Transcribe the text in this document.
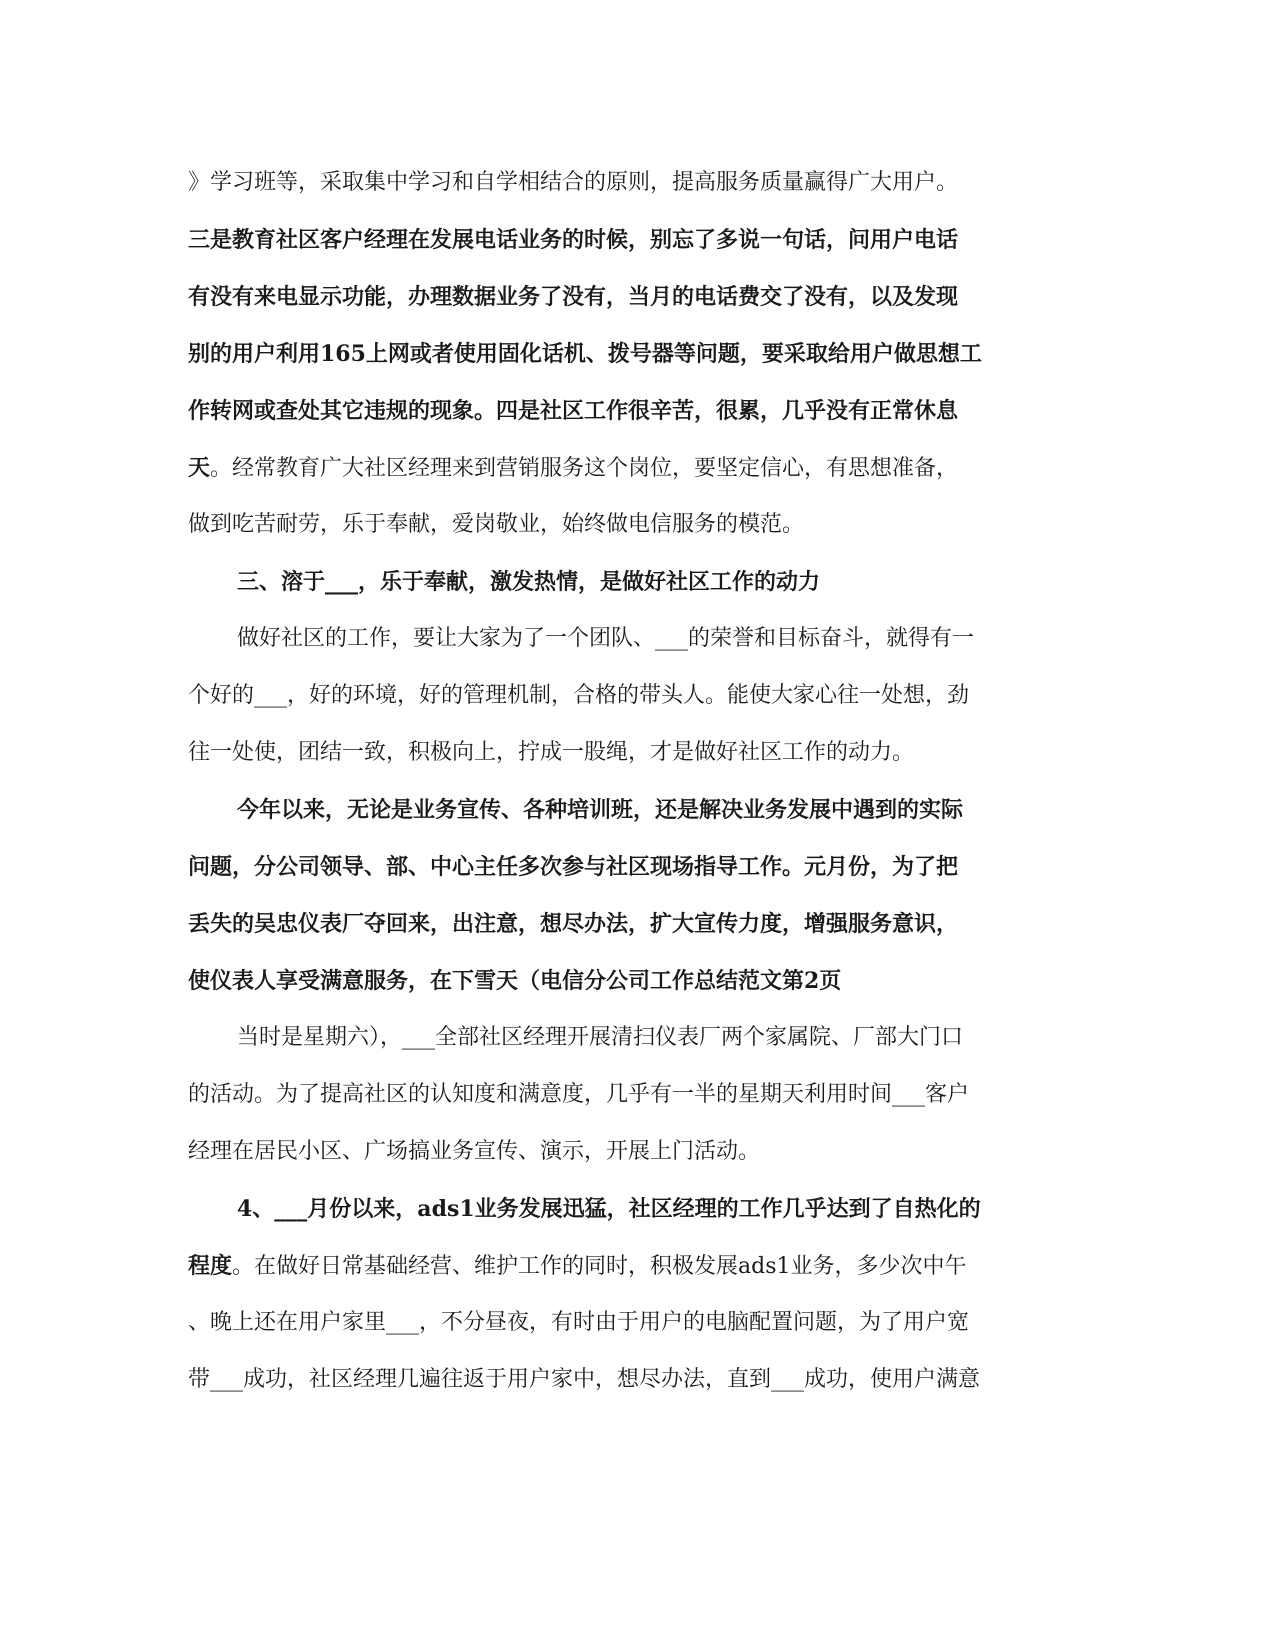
》学习班等，采取集中学习和自学相结合的原则，提高服务质量赢得广大用户。
三是教育社区客户经理在发展电话业务的时候，别忘了多说一句话，问用户电话
有没有来电显示功能，办理数据业务了没有，当月的电话费交了没有，以及发现
别的用户利用165上网或者使用固化话机、拨号器等问题，要采取给用户做思想工
作转网或查处其它违规的现象。四是社区工作很辛苦，很累，几乎没有正常休息
天。经常教育广大社区经理来到营销服务这个岗位，要坚定信心，有思想准备，
做到吃苦耐劳，乐于奉献，爱岗敬业，始终做电信服务的模范。
三、溶于___，乐于奉献，激发热情，是做好社区工作的动力
做好社区的工作，要让大家为了一个团队、___的荣誉和目标奋斗，就得有一
个好的___，好的环境，好的管理机制，合格的带头人。能使大家心往一处想，劲
往一处使，团结一致，积极向上，拧成一股绳，才是做好社区工作的动力。
今年以来，无论是业务宣传、各种培训班，还是解决业务发展中遇到的实际
问题，分公司领导、部、中心主任多次参与社区现场指导工作。元月份，为了把
丢失的吴忠仪表厂夺回来，出注意，想尽办法，扩大宣传力度，增强服务意识，
使仪表人享受满意服务，在下雪天（电信分公司工作总结范文第2页
当时是星期六），___全部社区经理开展清扫仪表厂两个家属院、厂部大门口
的活动。为了提高社区的认知度和满意度，几乎有一半的星期天利用时间___客户
经理在居民小区、广场搞业务宣传、演示，开展上门活动。
4、___月份以来，ads1业务发展迅猛，社区经理的工作几乎达到了自热化的
程度。在做好日常基础经营、维护工作的同时，积极发展ads1业务，多少次中午
、晚上还在用户家里___，不分昼夜，有时由于用户的电脑配置问题，为了用户宽
带___成功，社区经理几遍往返于用户家中，想尽办法，直到___成功，使用户满意
